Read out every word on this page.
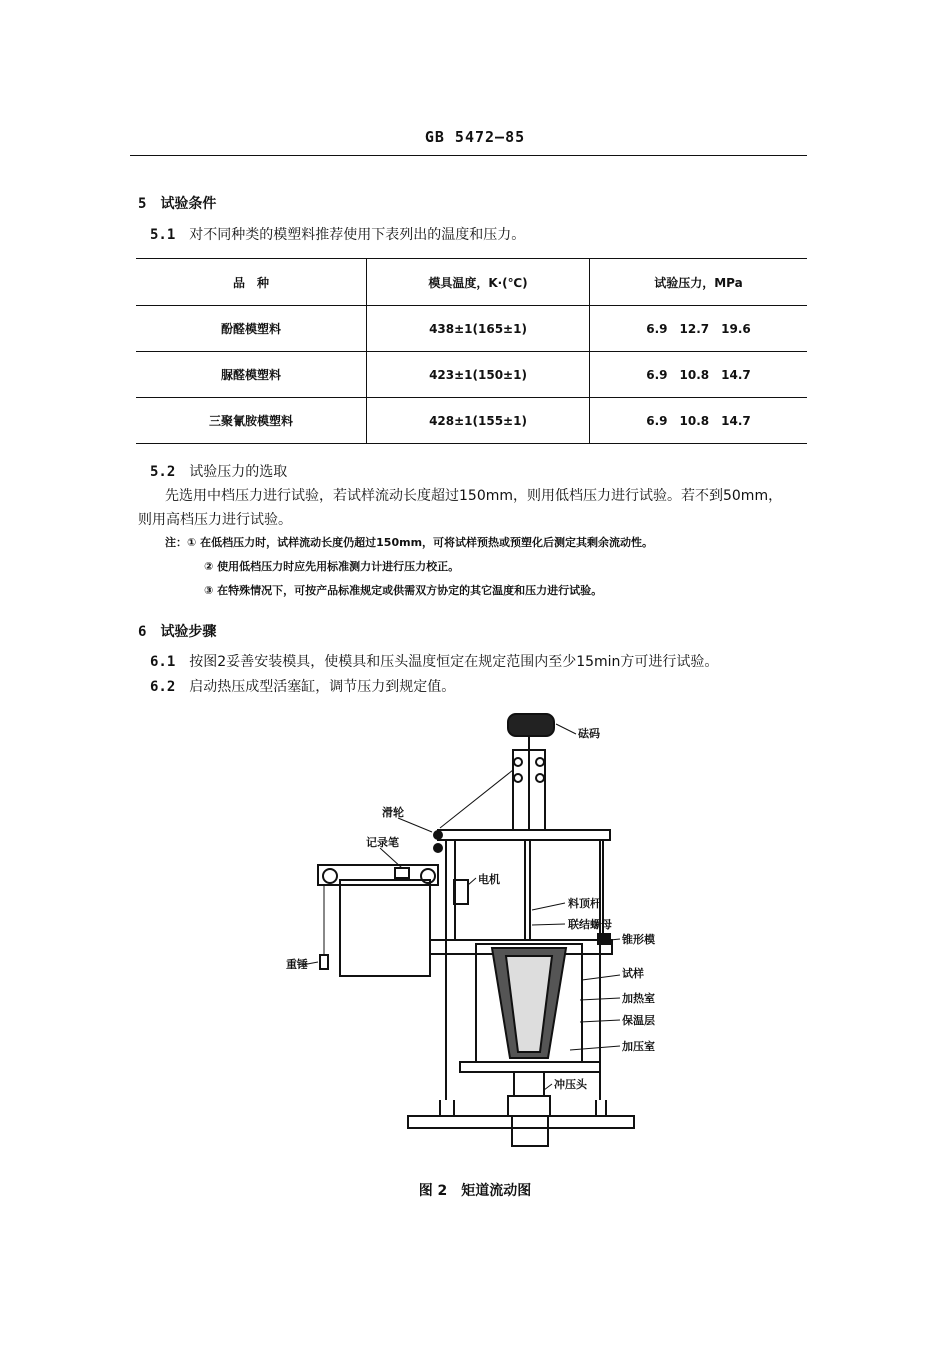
GB 5472—85
5 试验条件
5.1 对不同种类的模塑料推荐使用下表列出的温度和压力。
品　种	模具温度，K·(℃)	试验压力，MPa
酚醛模塑料	438±1(165±1)	6.9　12.7　19.6
脲醛模塑料	423±1(150±1)	6.9　10.8　14.7
三聚氰胺模塑料	428±1(155±1)	6.9　10.8　14.7
5.2 试验压力的选取
先选用中档压力进行试验，若试样流动长度超过150mm，则用低档压力进行试验。若不到50mm，
则用高档压力进行试验。
注：① 在低档压力时，试样流动长度仍超过150mm，可将试样预热或预塑化后测定其剩余流动性。
② 使用低档压力时应先用标准测力计进行压力校正。
③ 在特殊情况下，可按产品标准规定或供需双方协定的其它温度和压力进行试验。
6 试验步骤
6.1 按图2妥善安装模具，使模具和压头温度恒定在规定范围内至少15min方可进行试验。
6.2 启动热压成型活塞缸，调节压力到规定值。
砝码
滑轮
记录笔
电机
料顶杆
联结螺母
锥形模
重锤
试样
加热室
保温层
加压室
冲压头
图 2　矩道流动图
